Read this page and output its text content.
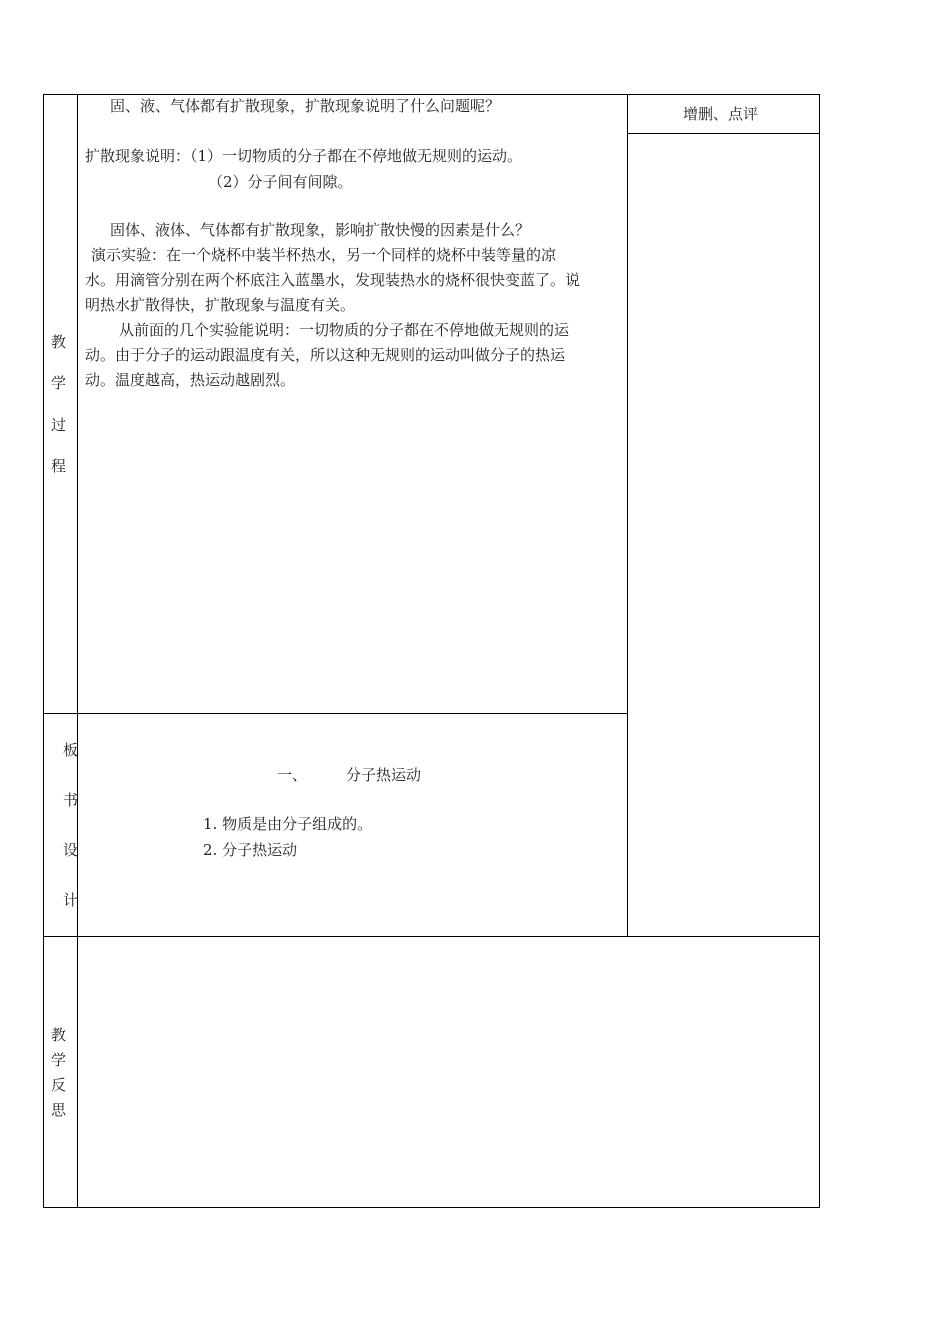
教
学
过
程
板
书
设
计
教
学
反
思
增删、点评
固、液、气体都有扩散现象，扩散现象说明了什么问题呢？
扩散现象说明：（1）一切物质的分子都在不停地做无规则的运动。
（2）分子间有间隙。
固体、液体、气体都有扩散现象，影响扩散快慢的因素是什么？
演示实验：在一个烧杯中装半杯热水，另一个同样的烧杯中装等量的凉
水。用滴管分别在两个杯底注入蓝墨水，发现装热水的烧杯很快变蓝了。说
明热水扩散得快，扩散现象与温度有关。
从前面的几个实验能说明：一切物质的分子都在不停地做无规则的运
动。由于分子的运动跟温度有关，所以这种无规则的运动叫做分子的热运
动。温度越高，热运动越剧烈。
一、	分子热运动
1. 物质是由分子组成的。
2. 分子热运动
